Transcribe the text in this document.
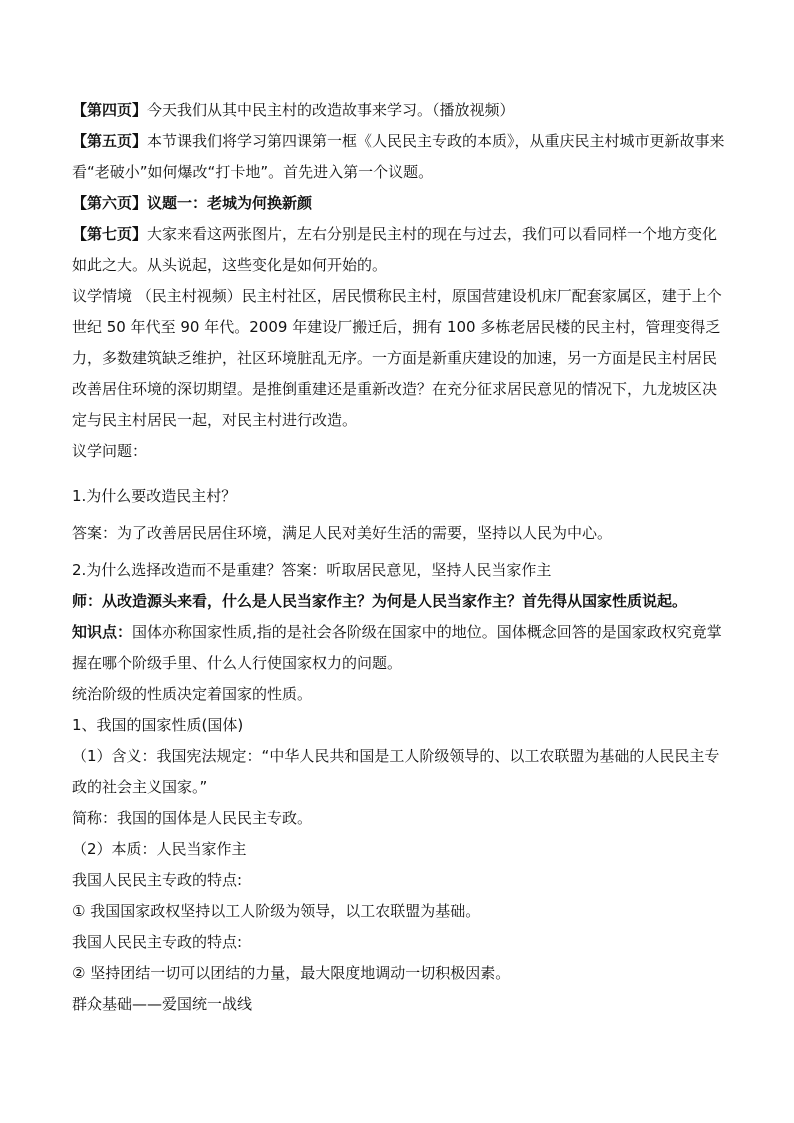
【第四页】今天我们从其中民主村的改造故事来学习。（播放视频）

【第五页】本节课我们将学习第四课第一框《人民民主专政的本质》，从重庆民主村城市更新故事来看“老破小”如何爆改“打卡地”。首先进入第一个议题。

【第六页】议题一：老城为何换新颜

【第七页】大家来看这两张图片，左右分别是民主村的现在与过去，我们可以看同样一个地方变化如此之大。从头说起，这些变化是如何开始的。

议学情境 （民主村视频）民主村社区，居民惯称民主村，原国营建设机床厂配套家属区，建于上个世纪 50 年代至 90 年代。2009 年建设厂搬迁后，拥有 100 多栋老居民楼的民主村，管理变得乏力，多数建筑缺乏维护，社区环境脏乱无序。一方面是新重庆建设的加速，另一方面是民主村居民改善居住环境的深切期望。是推倒重建还是重新改造？在充分征求居民意见的情况下，九龙坡区决定与民主村居民一起，对民主村进行改造。

议学问题：

1.为什么要改造民主村？

答案：为了改善居民居住环境，满足人民对美好生活的需要，坚持以人民为中心。

2.为什么选择改造而不是重建？答案：听取居民意见，坚持人民当家作主

师：从改造源头来看，什么是人民当家作主？为何是人民当家作主？首先得从国家性质说起。

知识点：国体亦称国家性质,指的是社会各阶级在国家中的地位。国体概念回答的是国家政权究竟掌握在哪个阶级手里、什么人行使国家权力的问题。

统治阶级的性质决定着国家的性质。

1、我国的国家性质(国体)

（1）含义：我国宪法规定：“中华人民共和国是工人阶级领导的、以工农联盟为基础的人民民主专政的社会主义国家。”

简称：我国的国体是人民民主专政。

（2）本质：人民当家作主

我国人民民主专政的特点:

① 我国国家政权坚持以工人阶级为领导，以工农联盟为基础。

我国人民民主专政的特点:

② 坚持团结一切可以团结的力量，最大限度地调动一切积极因素。

群众基础——爱国统一战线
